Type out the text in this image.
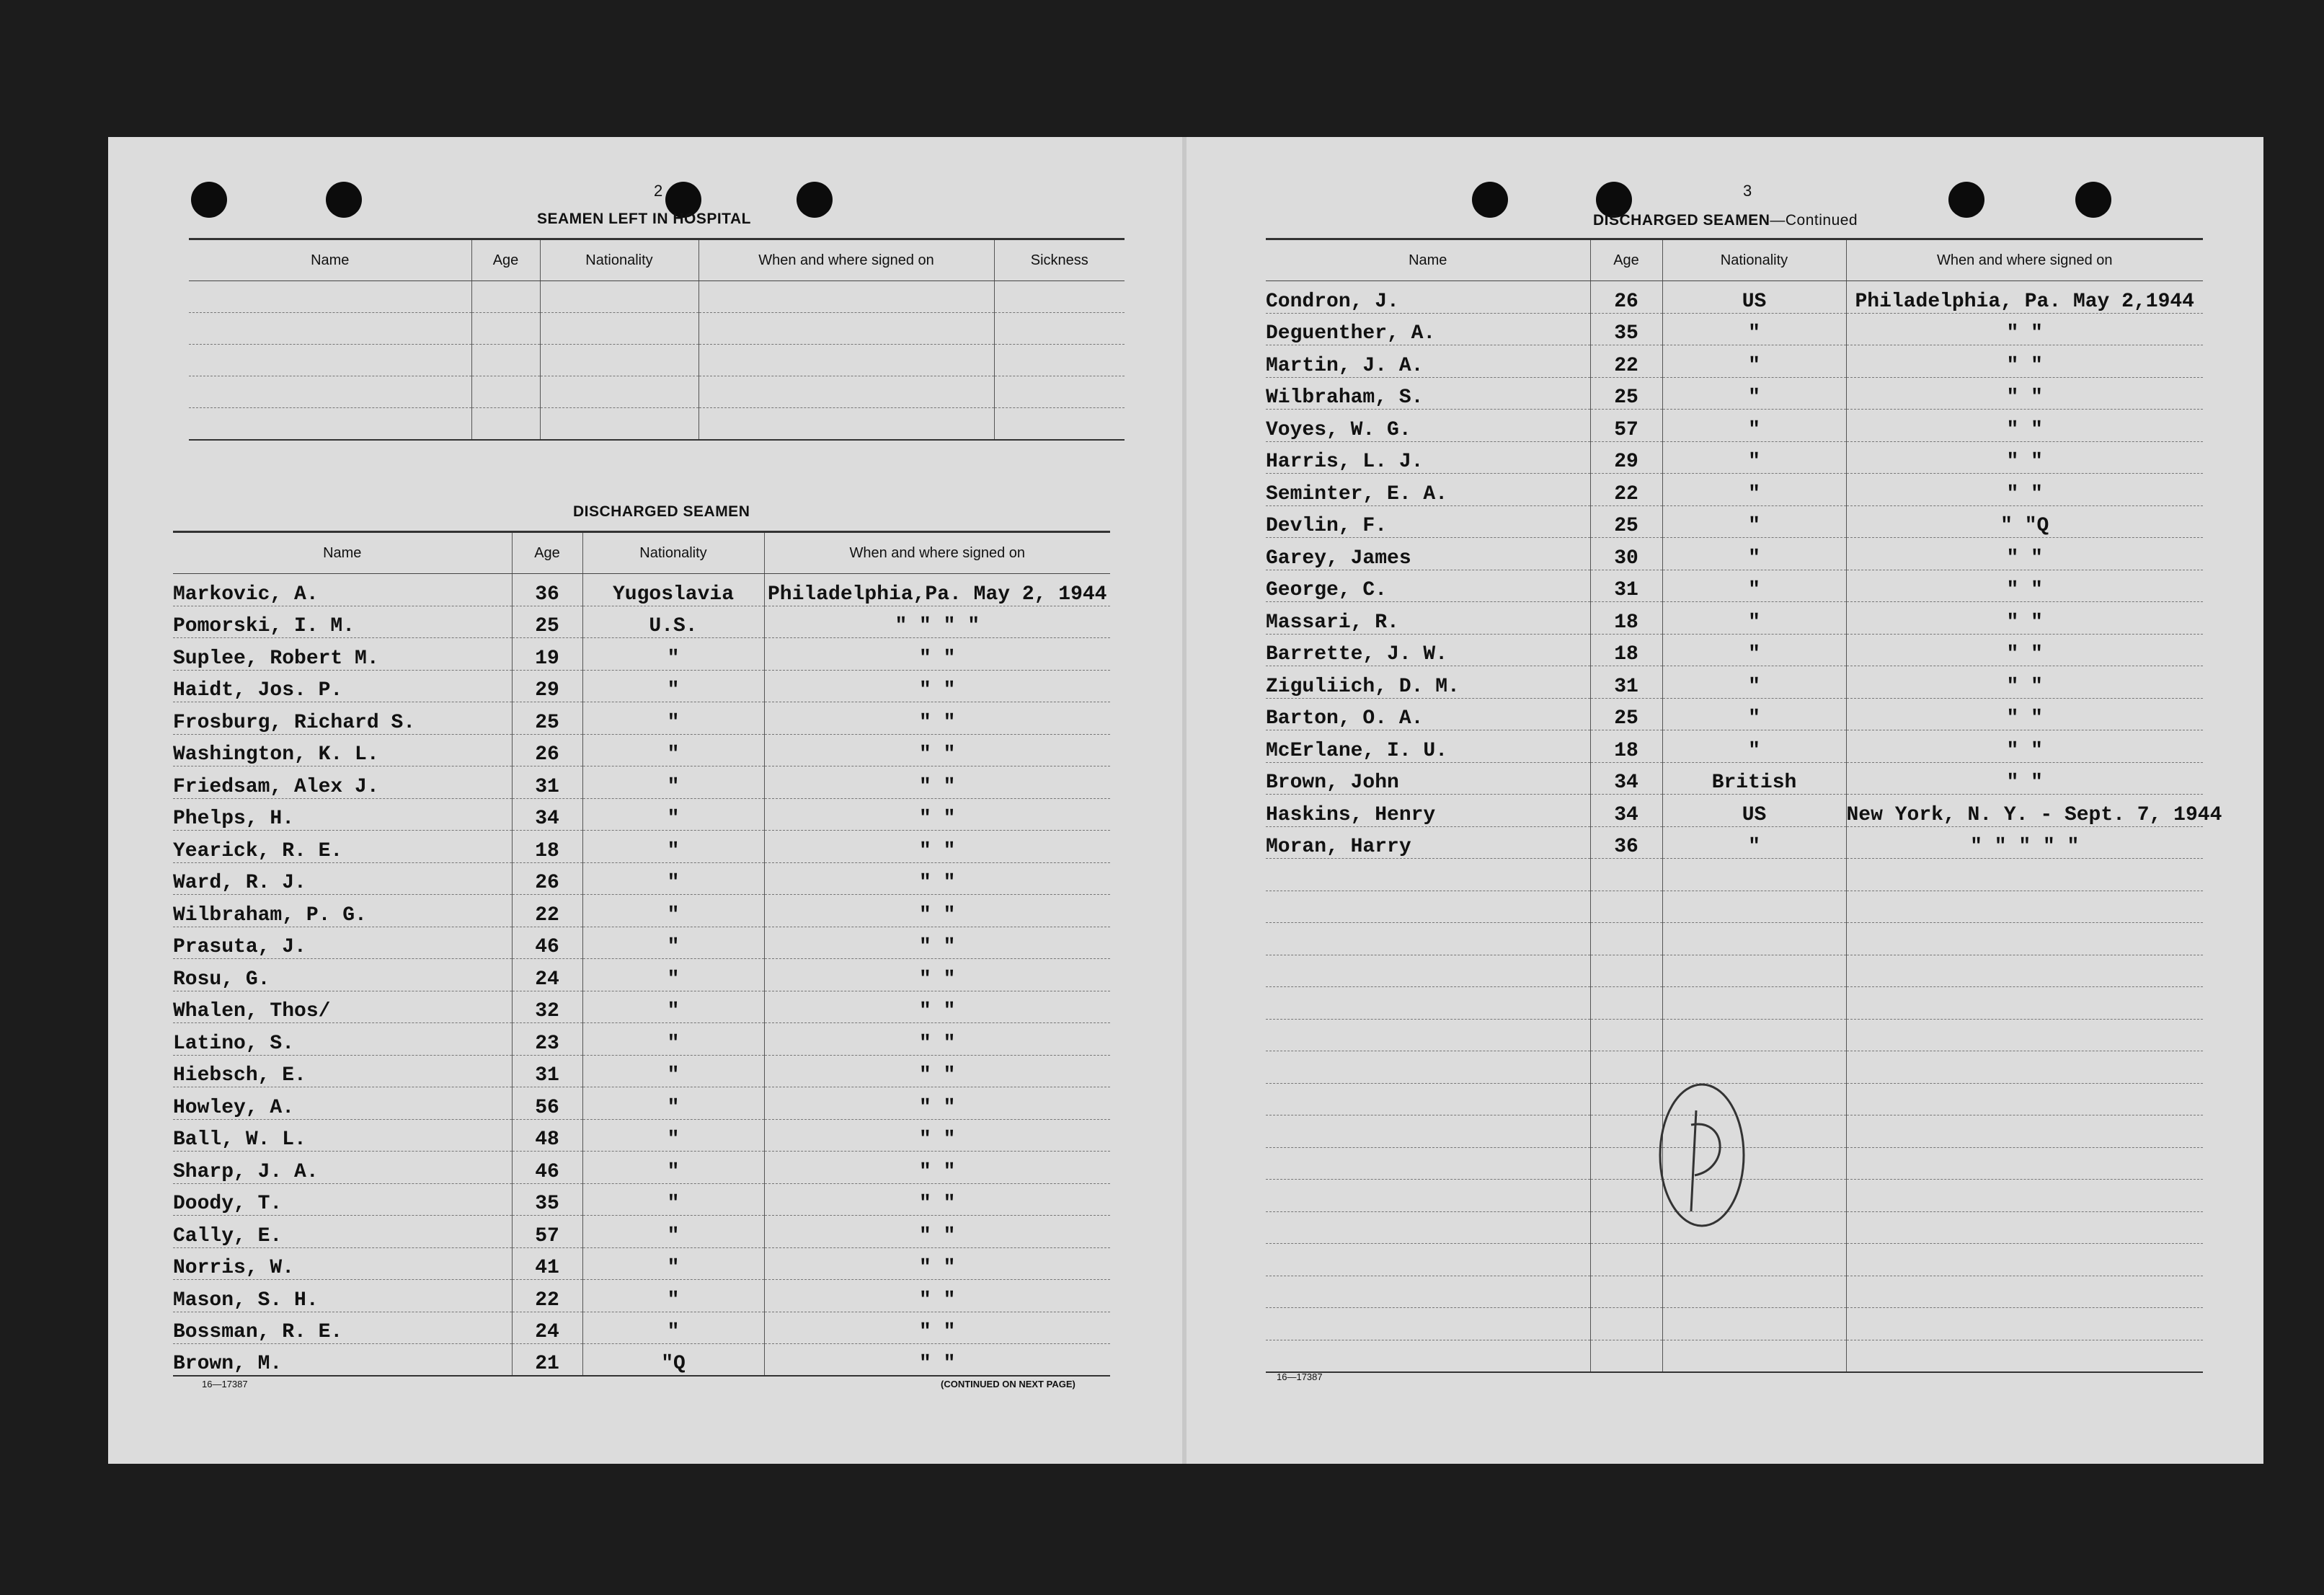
2
SEAMEN LEFT IN HOSPITAL
Name	Age	Nationality	When and where signed on	Sickness

DISCHARGED SEAMEN
Name	Age	Nationality	When and where signed on
Markovic, A.	36	Yugoslavia	Philadelphia,Pa. May 2, 1944
Pomorski, I. M.	25	U.S.	" " " "
Suplee, Robert M.	19	"	" "
Haidt, Jos. P.	29	"	" "
Frosburg, Richard S.	25	"	" "
Washington, K. L.	26	"	" "
Friedsam, Alex J.	31	"	" "
Phelps, H.	34	"	" "
Yearick, R. E.	18	"	" "
Ward, R. J.	26	"	" "
Wilbraham, P. G.	22	"	" "
Prasuta, J.	46	"	" "
Rosu, G.	24	"	" "
Whalen, Thos/	32	"	" "
Latino, S.	23	"	" "
Hiebsch, E.	31	"	" "
Howley, A.	56	"	" "
Ball, W. L.	48	"	" "
Sharp, J. A.	46	"	" "
Doody, T.	35	"	" "
Cally, E.	57	"	" "
Norris, W.	41	"	" "
Mason, S. H.	22	"	" "
Bossman, R. E.	24	"	" "
Brown, M.	21	"Q	" "
16—17387	(CONTINUED ON NEXT PAGE)
3
DISCHARGED SEAMEN—Continued
Name	Age	Nationality	When and where signed on
Condron, J.	26	US	Philadelphia, Pa. May 2,1944
Deguenther, A.	35	"	" "
Martin, J. A.	22	"	" "
Wilbraham, S.	25	"	" "
Voyes, W. G.	57	"	" "
Harris, L. J.	29	"	" "
Seminter, E. A.	22	"	" "
Devlin, F.	25	"	" "Q
Garey, James	30	"	" "
George, C.	31	"	" "
Massari, R.	18	"	" "
Barrette, J. W.	18	"	" "
Ziguliich, D. M.	31	"	" "
Barton, O. A.	25	"	" "
McErlane, I. U.	18	"	" "
Brown, John	34	British	" "
Haskins, Henry	34	US	New York, N. Y. - Sept. 7, 1944
Moran, Harry	36	"	" " " " "

16—17387
